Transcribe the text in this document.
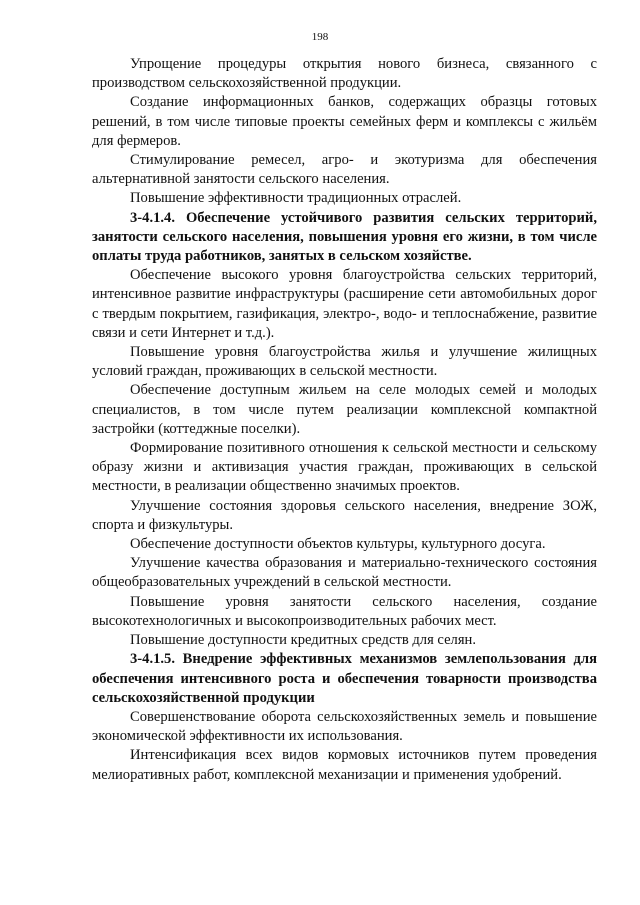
198

Упрощение процедуры открытия нового бизнеса, связанного с производством сельскохозяйственной продукции.

Создание информационных банков, содержащих образцы готовых решений, в том числе типовые проекты семейных ферм и комплексы с жильём для фермеров.

Стимулирование ремесел, агро- и экотуризма для обеспечения альтернативной занятости сельского населения.

Повышение эффективности традиционных отраслей.

3-4.1.4. Обеспечение устойчивого развития сельских территорий, занятости сельского населения, повышения уровня его жизни, в том числе оплаты труда работников, занятых в сельском хозяйстве.

Обеспечение высокого уровня благоустройства сельских территорий, интенсивное развитие инфраструктуры (расширение сети автомобильных дорог с твердым покрытием, газификация, электро-, водо- и теплоснабжение, развитие связи и сети Интернет и т.д.).

Повышение уровня благоустройства жилья и улучшение жилищных условий граждан, проживающих в сельской местности.

Обеспечение доступным жильем на селе молодых семей и молодых специалистов, в том числе путем реализации комплексной компактной застройки (коттеджные поселки).

Формирование позитивного отношения к сельской местности и сельскому образу жизни и активизация участия граждан, проживающих в сельской местности, в реализации общественно значимых проектов.

Улучшение состояния здоровья сельского населения, внедрение ЗОЖ, спорта и физкультуры.

Обеспечение доступности объектов культуры, культурного досуга.

Улучшение качества образования и материально-технического состояния общеобразовательных учреждений в сельской местности.

Повышение уровня занятости сельского населения, создание высокотехнологичных и высокопроизводительных рабочих мест.

Повышение доступности кредитных средств для селян.

3-4.1.5. Внедрение эффективных механизмов землепользования для обеспечения интенсивного роста и обеспечения товарности производства сельскохозяйственной продукции

Совершенствование оборота сельскохозяйственных земель и повышение экономической эффективности их использования.

Интенсификация всех видов кормовых источников путем проведения мелиоративных работ, комплексной механизации и применения удобрений.
